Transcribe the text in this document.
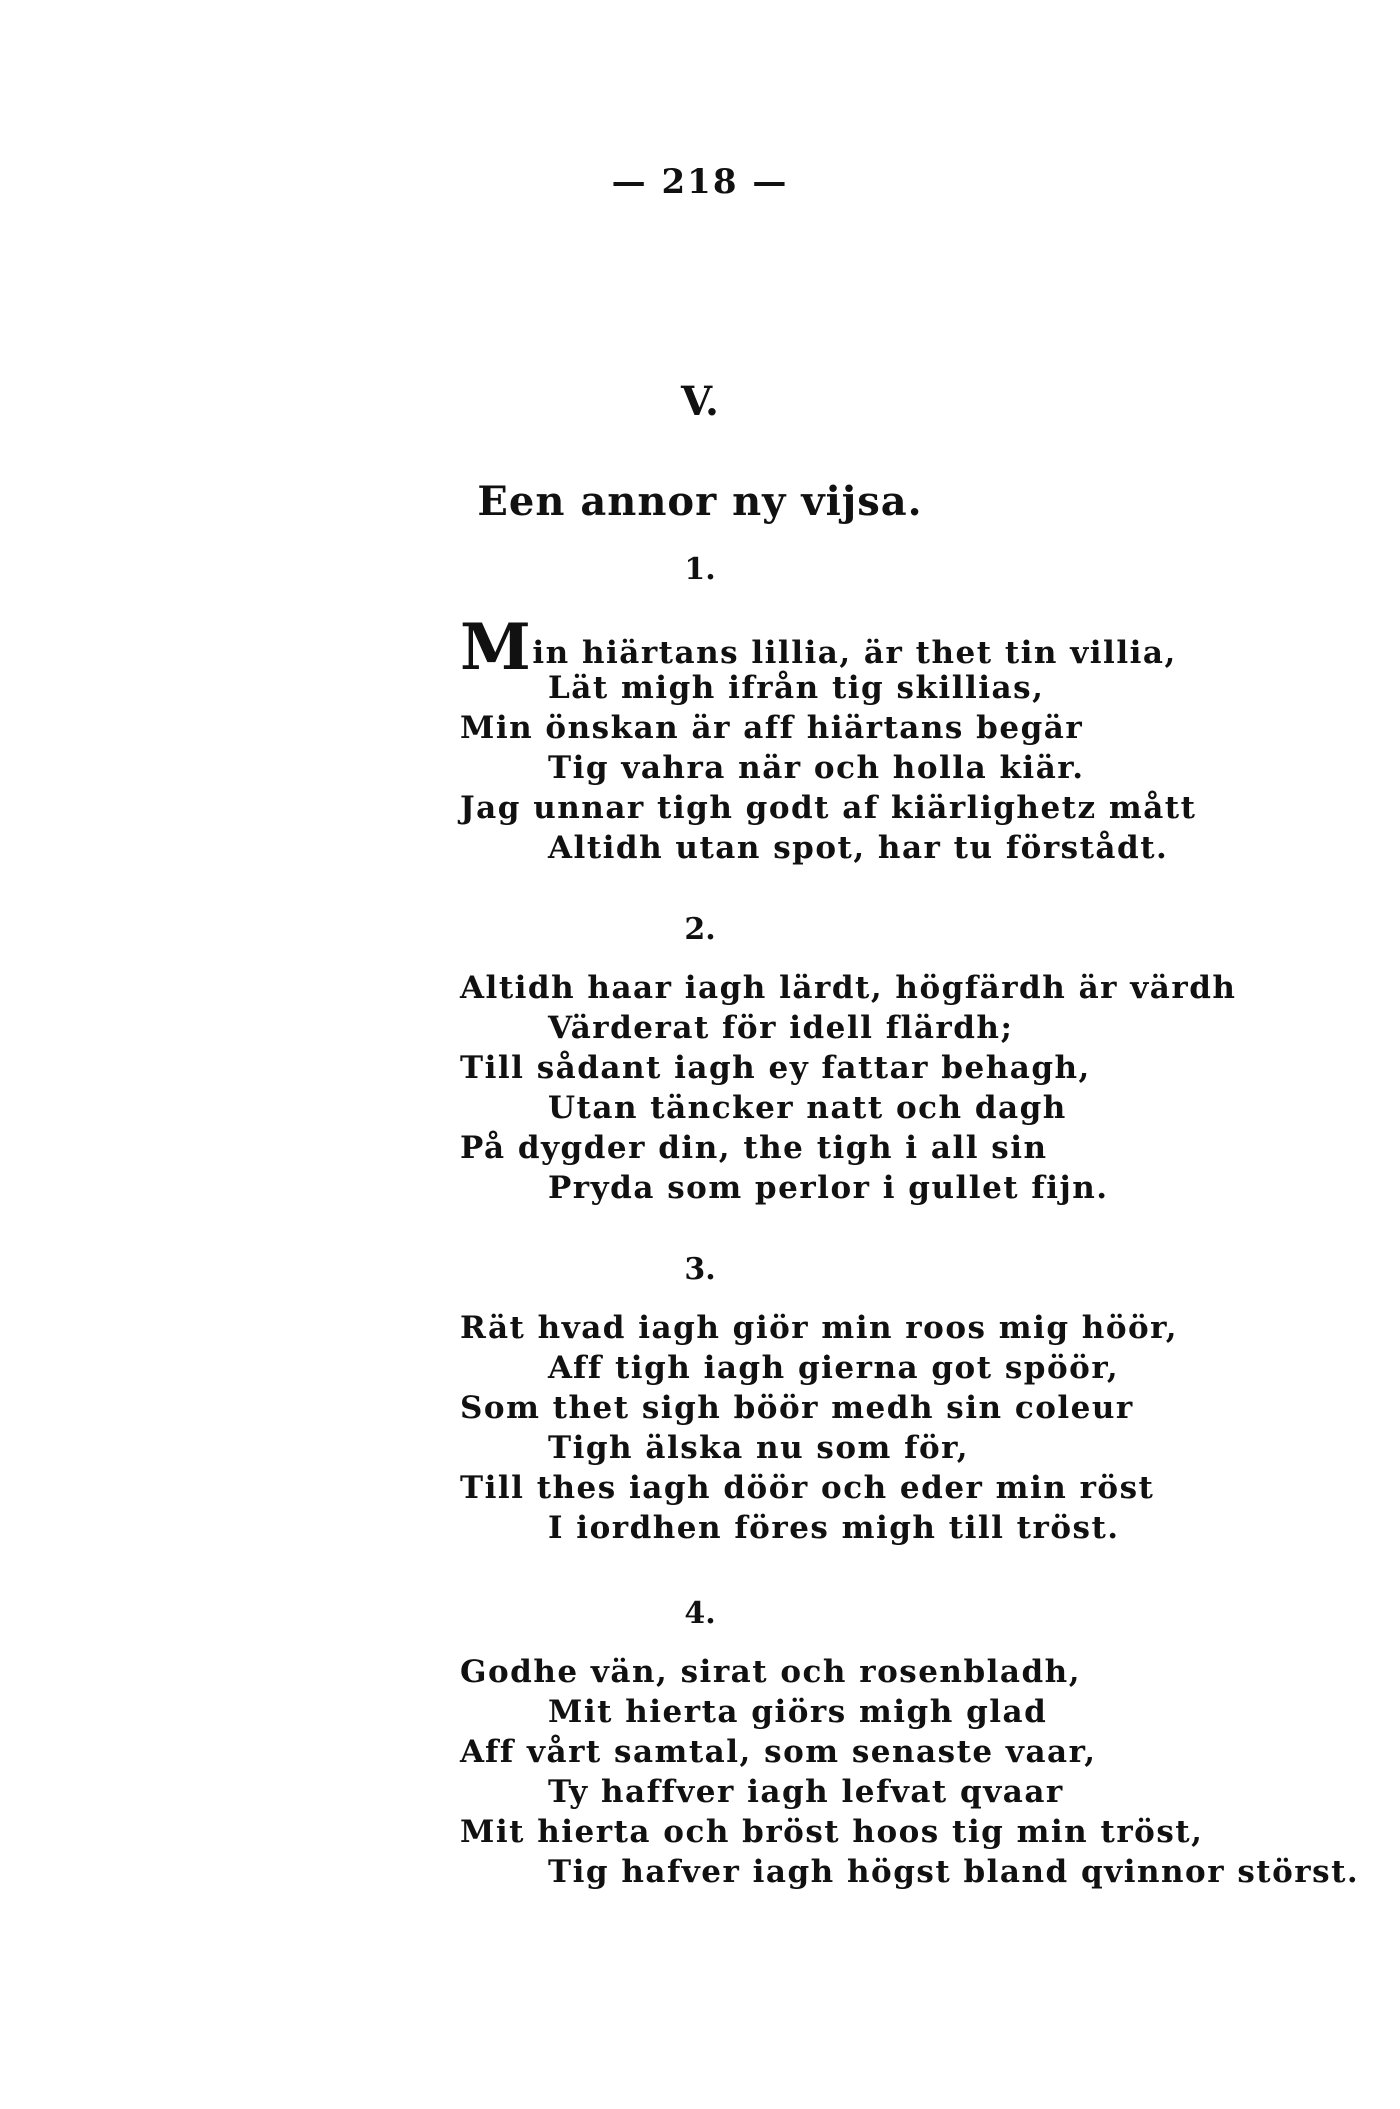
— 218 —
V.
Een annor ny vijsa.
1.
Min hiärtans lillia, är thet tin villia,
Lät migh ifrån tig skillias,
Min önskan är aff hiärtans begär
Tig vahra när och holla kiär.
Jag unnar tigh godt af kiärlighetz mått
Altidh utan spot, har tu förstådt.
2.
Altidh haar iagh lärdt, högfärdh är värdh
Värderat för idell flärdh;
Till sådant iagh ey fattar behagh,
Utan täncker natt och dagh
På dygder din, the tigh i all sin
Pryda som perlor i gullet fijn.
3.
Rät hvad iagh giör min roos mig höör,
Aff tigh iagh gierna got spöör,
Som thet sigh böör medh sin coleur
Tigh älska nu som för,
Till thes iagh döör och eder min röst
I iordhen föres migh till tröst.
4.
Godhe vän, sirat och rosenbladh,
Mit hierta giörs migh glad
Aff vårt samtal, som senaste vaar,
Ty haffver iagh lefvat qvaar
Mit hierta och bröst hoos tig min tröst,
Tig hafver iagh högst bland qvinnor störst.
